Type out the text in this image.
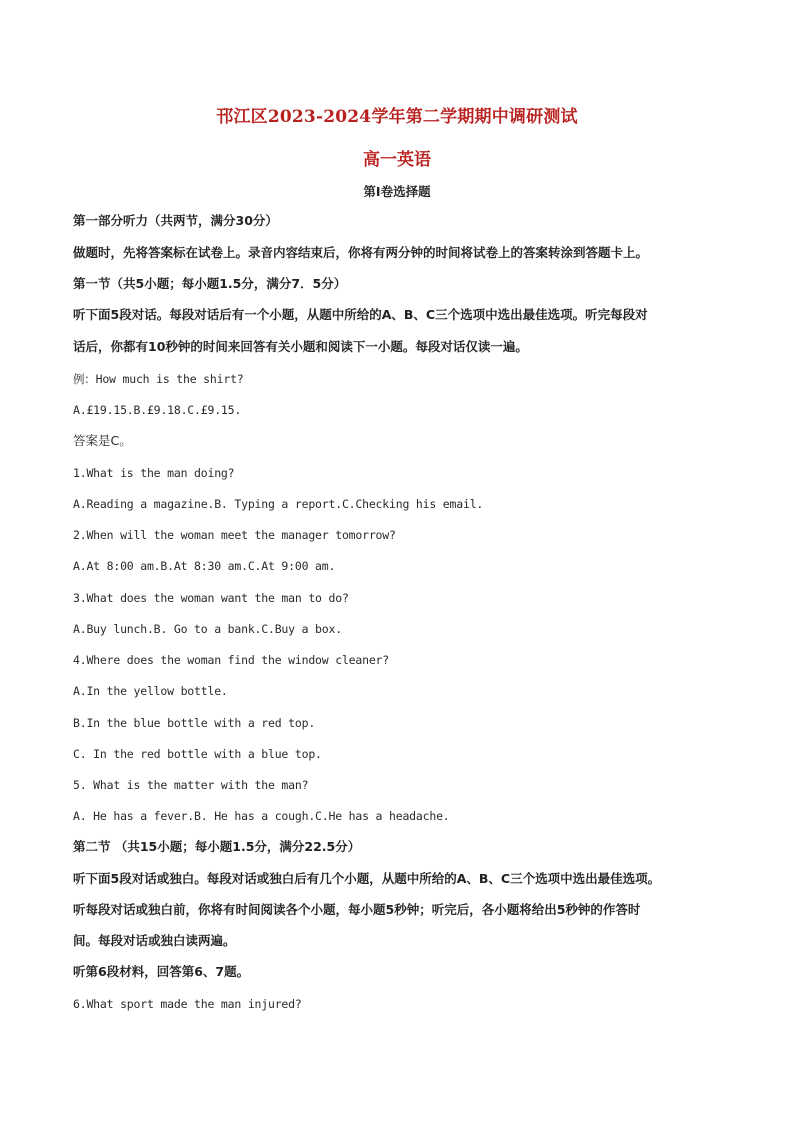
邗江区2023-2024学年第二学期期中调研测试
高一英语
第I卷选择题
第一部分听力（共两节，满分30分）
做题时，先将答案标在试卷上。录音内容结束后，你将有两分钟的时间将试卷上的答案转涂到答题卡上。
第一节（共5小题；每小题1.5分，满分7．5分）
听下面5段对话。每段对话后有一个小题，从题中所给的A、B、C三个选项中选出最佳选项。听完每段对
话后，你都有10秒钟的时间来回答有关小题和阅读下一小题。每段对话仅读一遍。
例：How much is the shirt?
A.£19.15.B.£9.18.C.£9.15.
答案是C。
1.What is the man doing?
A.Reading a magazine.B. Typing a report.C.Checking his email.
2.When will the woman meet the manager tomorrow?
A.At 8:00 am.B.At 8:30 am.C.At 9:00 am.
3.What does the woman want the man to do?
A.Buy lunch.B. Go to a bank.C.Buy a box.
4.Where does the woman find the window cleaner?
A.In the yellow bottle.
B.In the blue bottle with a red top.
C. In the red bottle with a blue top.
5. What is the matter with the man?
A. He has a fever.B. He has a cough.C.He has a headache.
第二节 （共15小题；每小题1.5分，满分22.5分）
听下面5段对话或独白。每段对话或独白后有几个小题，从题中所给的A、B、C三个选项中选出最佳选项。
听每段对话或独白前，你将有时间阅读各个小题，每小题5秒钟；听完后，各小题将给出5秒钟的作答时
间。每段对话或独白读两遍。
听第6段材料，回答第6、7题。
6.What sport made the man injured?
